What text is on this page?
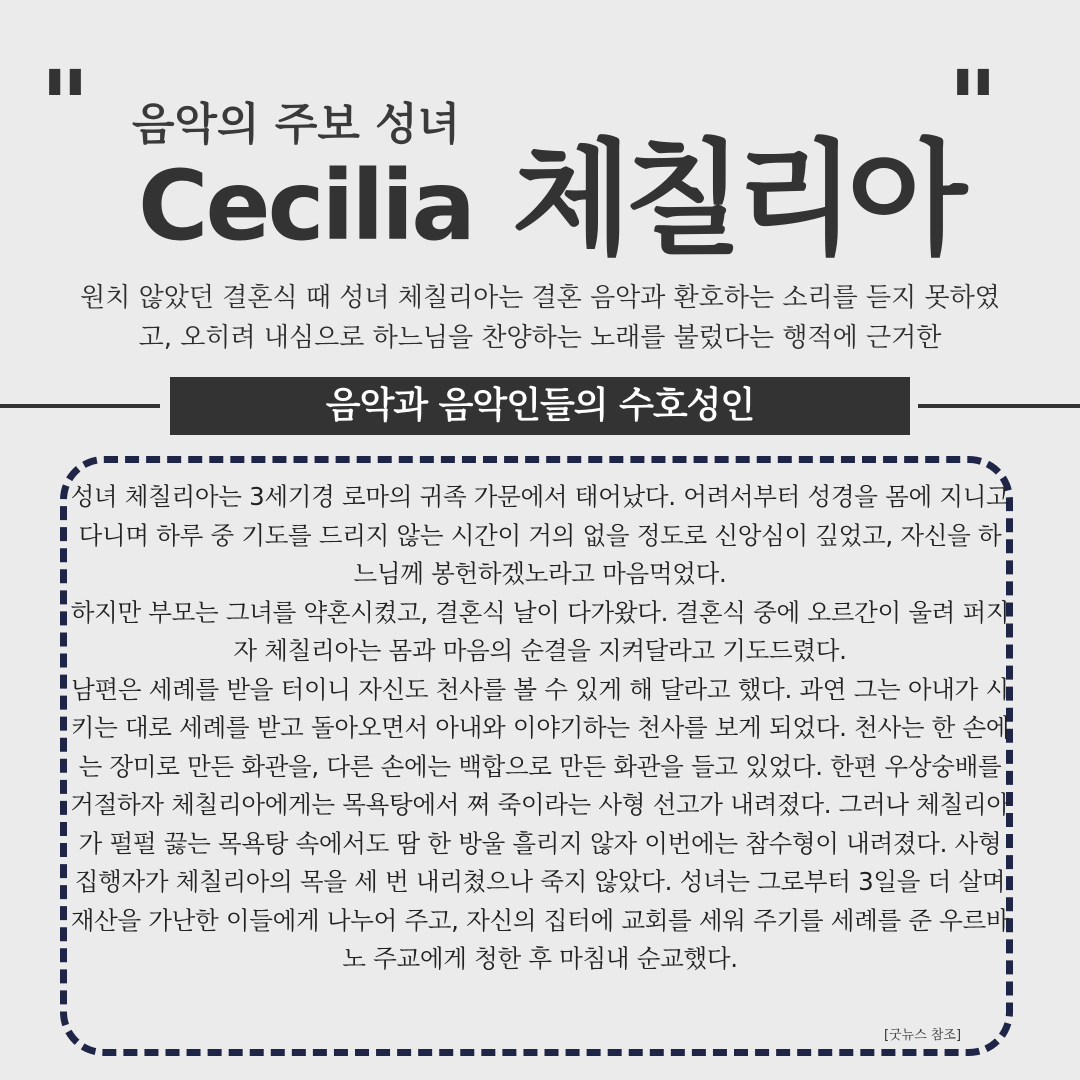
"	"
음악의 주보 성녀
Cecilia 체칠리아
원치 않았던 결혼식 때 성녀 체칠리아는 결혼 음악과 환호하는 소리를 듣지 못하였
고, 오히려 내심으로 하느님을 찬양하는 노래를 불렀다는 행적에 근거한
음악과 음악인들의 수호성인

성녀 체칠리아는 3세기경 로마의 귀족 가문에서 태어났다. 어려서부터 성경을 몸에 지니고 다니며 하루 중 기도를 드리지 않는 시간이 거의 없을 정도로 신앙심이 깊었고, 자신을 하느님께 봉헌하겠노라고 마음먹었다.

하지만 부모는 그녀를 약혼시켰고, 결혼식 날이 다가왔다. 결혼식 중에 오르간이 울려 퍼지자 체칠리아는 몸과 마음의 순결을 지켜달라고 기도드렸다.

남편은 세례를 받을 터이니 자신도 천사를 볼 수 있게 해 달라고 했다. 과연 그는 아내가 시키는 대로 세례를 받고 돌아오면서 아내와 이야기하는 천사를 보게 되었다. 천사는 한 손에는 장미로 만든 화관을, 다른 손에는 백합으로 만든 화관을 들고 있었다. 한편 우상숭배를 거절하자 체칠리아에게는 목욕탕에서 쪄 죽이라는 사형 선고가 내려졌다. 그러나 체칠리아가 펄펄 끓는 목욕탕 속에서도 땀 한 방울 흘리지 않자 이번에는 참수형이 내려졌다. 사형 집행자가 체칠리아의 목을 세 번 내리쳤으나 죽지 않았다. 성녀는 그로부터 3일을 더 살며 재산을 가난한 이들에게 나누어 주고, 자신의 집터에 교회를 세워 주기를 세례를 준 우르바노 주교에게 청한 후 마침내 순교했다.

[굿뉴스 참조]
